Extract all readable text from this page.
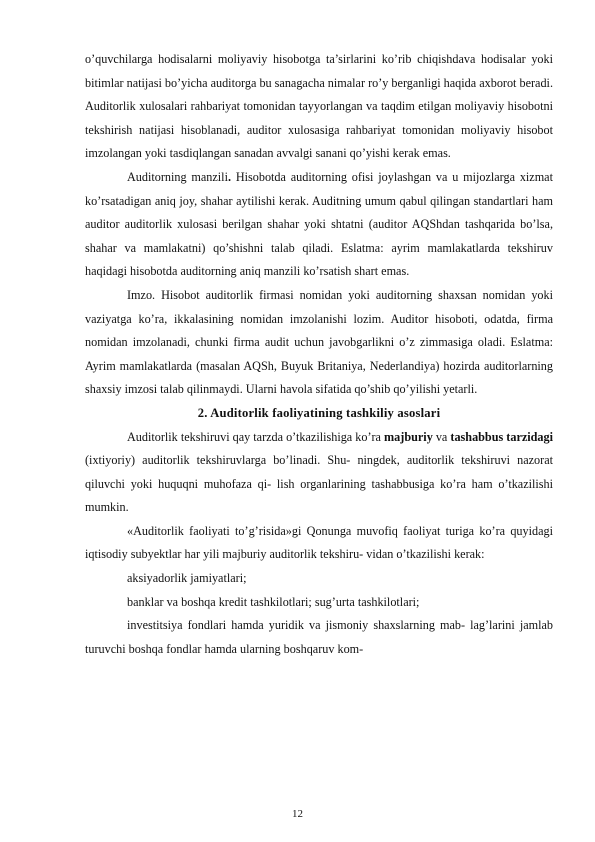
o’quvchilarga hodisalarni moliyaviy hisobotga ta’sirlarini ko’rib chiqishdava hodisalar yoki bitimlar natijasi bo’yicha auditorga bu sanagacha nimalar ro’y berganligi haqida axborot beradi. Auditorlik xulosalari rahbariyat tomonidan tayyorlangan va taqdim etilgan moliyaviy hisobotni tekshirish natijasi hisoblanadi, auditor xulosasiga rahbariyat tomonidan moliyaviy hisobot imzolangan yoki tasdiqlangan sanadan avvalgi sanani qo’yishi kerak emas.

Auditorning manzili. Hisobotda auditorning ofisi joylashgan va u mijozlarga xizmat ko’rsatadigan aniq joy, shahar aytilishi kerak. Auditning umum qabul qilingan standartlari ham auditor auditorlik xulosasi berilgan shahar yoki shtatni (auditor AQShdan tashqarida bo’lsa, shahar va mamlakatni) qo’shishni talab qiladi. Eslatma: ayrim mamlakatlarda tekshiruv haqidagi hisobotda auditorning aniq manzili ko’rsatish shart emas.

Imzo. Hisobot auditorlik firmasi nomidan yoki auditorning shaxsan nomidan yoki vaziyatga ko’ra, ikkalasining nomidan imzolanishi lozim. Auditor hisoboti, odatda, firma nomidan imzolanadi, chunki firma audit uchun javobgarlikni o’z zimmasiga oladi. Eslatma: Ayrim mamlakatlarda (masalan AQSh, Buyuk Britaniya, Nederlandiya) hozirda auditorlarning shaxsiy imzosi talab qilinmaydi. Ularni havola sifatida qo’shib qo’yilishi yetarli.

2. Auditorlik faoliyatining tashkiliy asoslari

Auditorlik tekshiruvi qay tarzda o’tkazilishiga ko’ra majburiy va tashabbus tarzidagi (ixtiyoriy) auditorlik tekshiruvlarga bo’linadi. Shu- ningdek, auditorlik tekshiruvi nazorat qiluvchi yoki huquqni muhofaza qi- lish organlarining tashabbusiga ko’ra ham o’tkazilishi mumkin.

«Auditorlik faoliyati to’g’risida»gi Qonunga muvofiq faoliyat turiga ko’ra quyidagi iqtisodiy subyektlar har yili majburiy auditorlik tekshiru- vidan o’tkazilishi kerak:

aksiyadorlik jamiyatlari;

banklar va boshqa kredit tashkilotlari; sug’urta tashkilotlari;

investitsiya fondlari hamda yuridik va jismoniy shaxslarning mab- lag’larini jamlab turuvchi boshqa fondlar hamda ularning boshqaruv kom-

12
